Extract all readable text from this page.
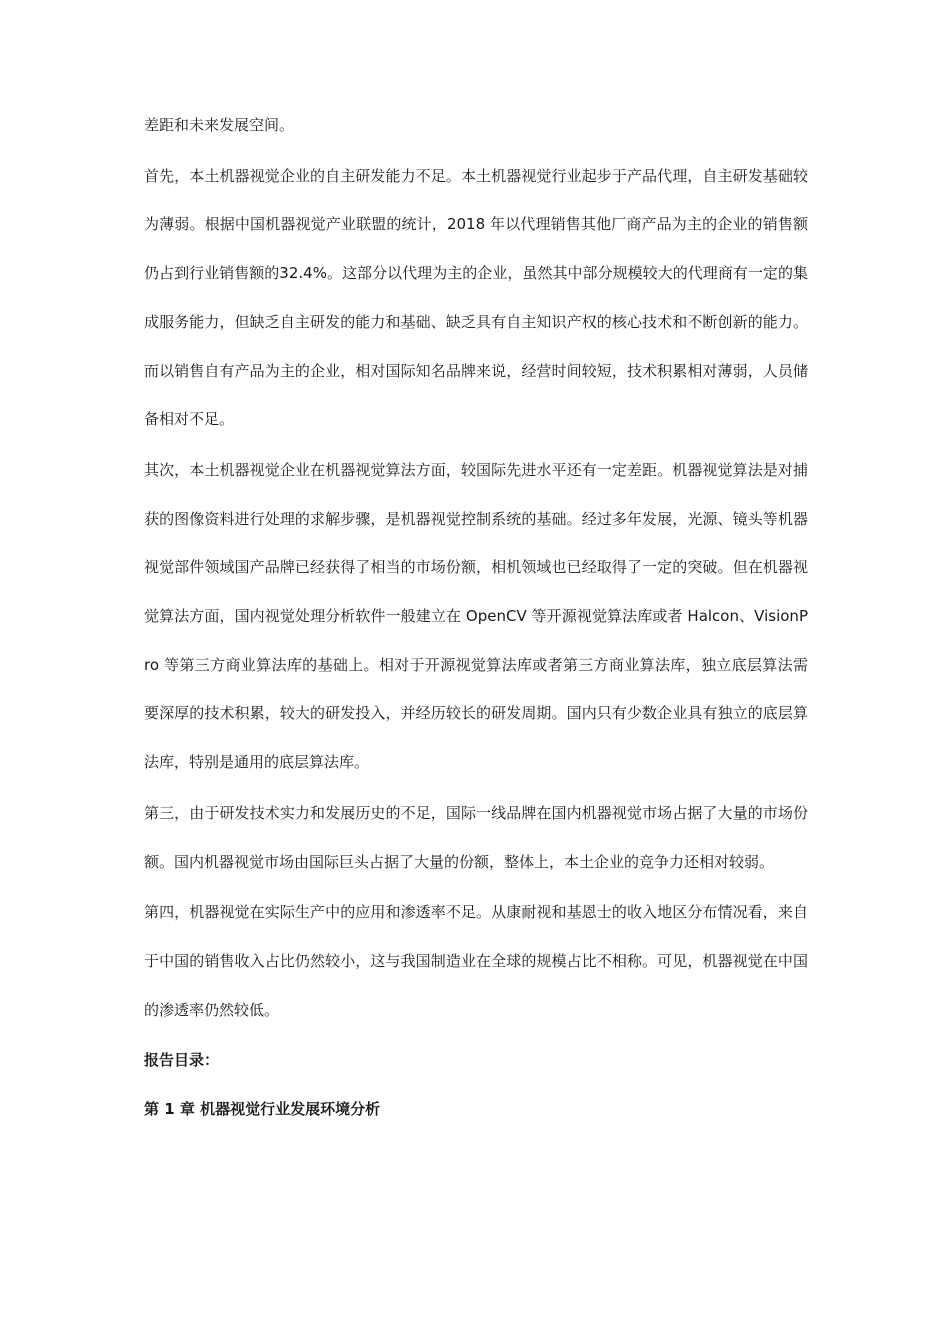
差距和未来发展空间。

首先，本土机器视觉企业的自主研发能力不足。本土机器视觉行业起步于产品代理，自主研发基础较为薄弱。根据中国机器视觉产业联盟的统计，2018 年以代理销售其他厂商产品为主的企业的销售额仍占到行业销售额的32.4%。这部分以代理为主的企业，虽然其中部分规模较大的代理商有一定的集成服务能力，但缺乏自主研发的能力和基础、缺乏具有自主知识产权的核心技术和不断创新的能力。而以销售自有产品为主的企业，相对国际知名品牌来说，经营时间较短，技术积累相对薄弱，人员储备相对不足。

其次，本土机器视觉企业在机器视觉算法方面，较国际先进水平还有一定差距。机器视觉算法是对捕获的图像资料进行处理的求解步骤，是机器视觉控制系统的基础。经过多年发展，光源、镜头等机器视觉部件领域国产品牌已经获得了相当的市场份额，相机领域也已经取得了一定的突破。但在机器视觉算法方面，国内视觉处理分析软件一般建立在 OpenCV 等开源视觉算法库或者 Halcon、VisionPro 等第三方商业算法库的基础上。相对于开源视觉算法库或者第三方商业算法库，独立底层算法需要深厚的技术积累，较大的研发投入，并经历较长的研发周期。国内只有少数企业具有独立的底层算法库，特别是通用的底层算法库。

第三，由于研发技术实力和发展历史的不足，国际一线品牌在国内机器视觉市场占据了大量的市场份额。国内机器视觉市场由国际巨头占据了大量的份额，整体上，本土企业的竞争力还相对较弱。

第四，机器视觉在实际生产中的应用和渗透率不足。从康耐视和基恩士的收入地区分布情况看，来自于中国的销售收入占比仍然较小，这与我国制造业在全球的规模占比不相称。可见，机器视觉在中国的渗透率仍然较低。

报告目录：

第 1 章 机器视觉行业发展环境分析
